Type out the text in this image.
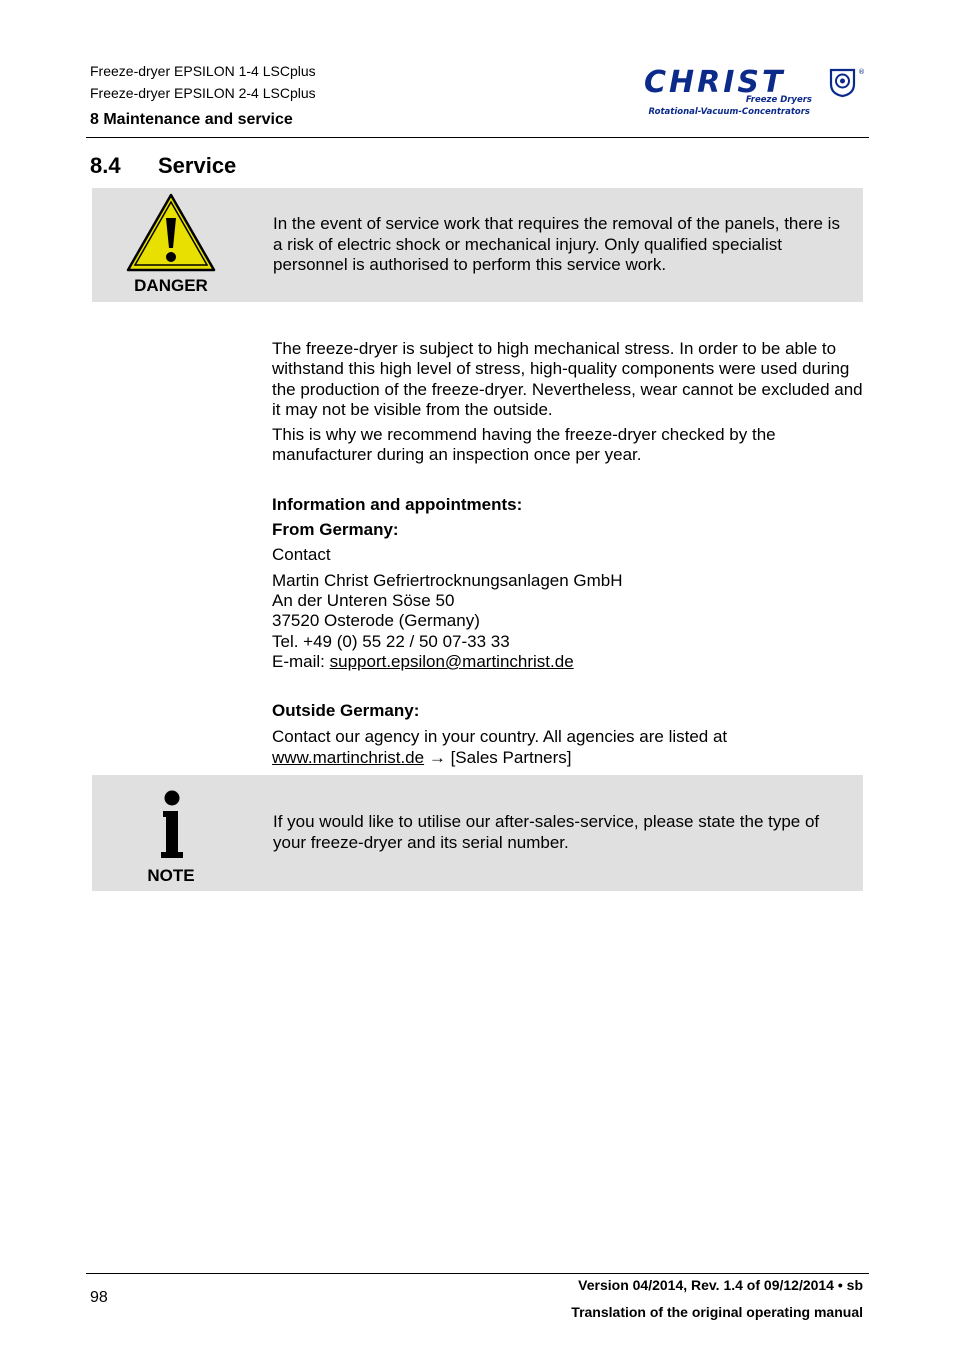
Freeze-dryer EPSILON 1-4 LSCplus
Freeze-dryer EPSILON 2-4 LSCplus
8 Maintenance and service
CHRIST	®
Freeze Dryers
Rotational-Vacuum-Concentrators
8.4 Service
DANGER
In the event of service work that requires the removal of the panels, there is a risk of electric shock or mechanical injury. Only qualified specialist personnel is authorised to perform this service work.

The freeze-dryer is subject to high mechanical stress. In order to be able to withstand this high level of stress, high-quality components were used during the production of the freeze-dryer. Nevertheless, wear cannot be excluded and it may not be visible from the outside.

This is why we recommend having the freeze-dryer checked by the manufacturer during an inspection once per year.

Information and appointments:

From Germany:

Contact

Martin Christ Gefriertrocknungsanlagen GmbH

An der Unteren Söse 50

37520 Osterode (Germany)

Tel. +49 (0) 55 22 / 50 07-33 33

E-mail: support.epsilon@martinchrist.de

Outside Germany:

Contact our agency in your country. All agencies are listed at

www.martinchrist.de → [Sales Partners]

NOTE
If you would like to utilise our after-sales-service, please state the type of your freeze-dryer and its serial number.
98
Version 04/2014, Rev. 1.4 of 09/12/2014 • sb
Translation of the original operating manual
